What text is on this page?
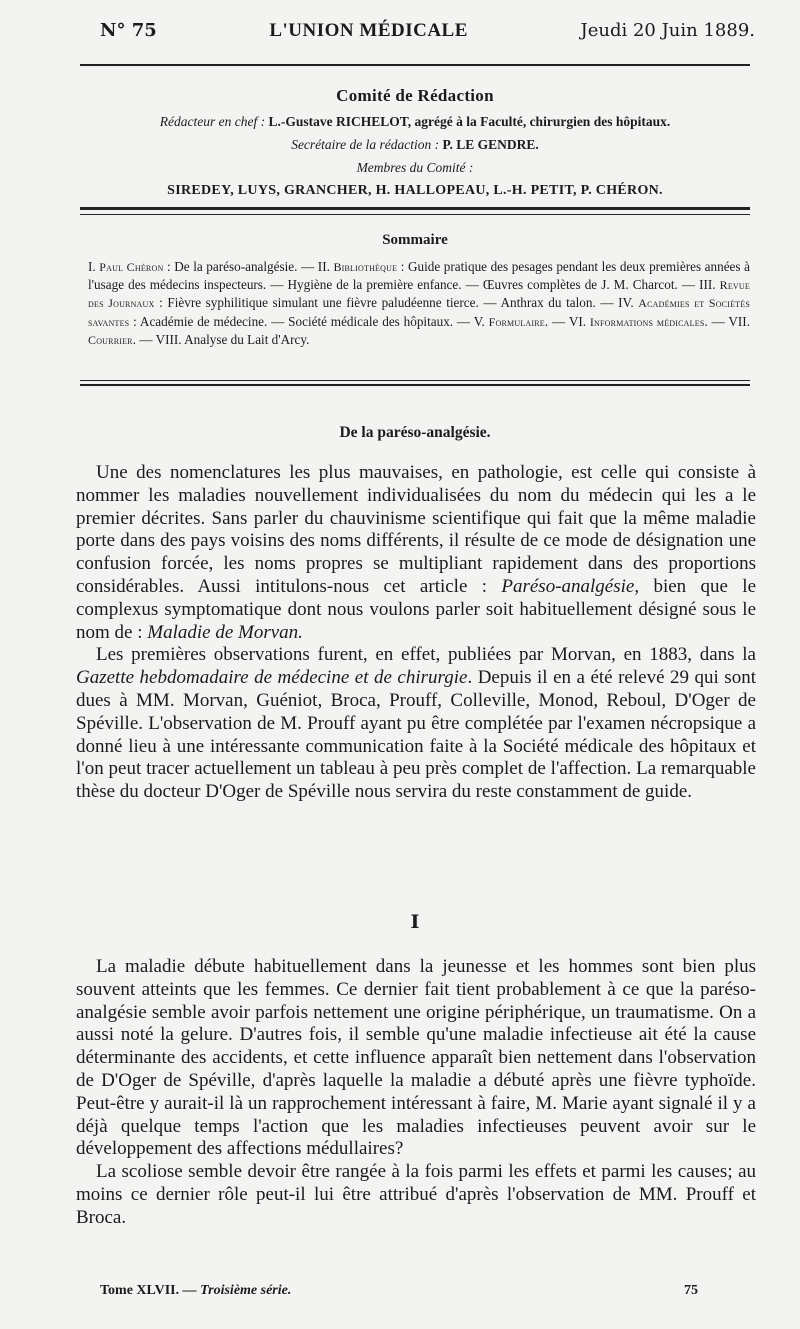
N° 75	L'UNION MÉDICALE	Jeudi 20 Juin 1889.
Comité de Rédaction
Rédacteur en chef : L.-Gustave RICHELOT, agrégé à la Faculté, chirurgien des hôpitaux.
Secrétaire de la rédaction : P. LE GENDRE.
Membres du Comité :
SIREDEY, LUYS, GRANCHER, H. HALLOPEAU, L.-H. PETIT, P. CHÉRON.
Sommaire
I. Paul Chéron : De la paréso-analgésie. — II. Bibliothèque : Guide pratique des pesages pendant les deux premières années à l'usage des médecins inspecteurs. — Hygiène de la première enfance. — Œuvres complètes de J. M. Charcot. — III. Revue des Journaux : Fièvre syphilitique simulant une fièvre paludéenne tierce. — Anthrax du talon. — IV. Académies et Sociétés savantes : Académie de médecine. — Société médicale des hôpitaux. — V. Formulaire. — VI. Informations médicales. — VII. Courrier. — VIII. Analyse du Lait d'Arcy.
De la paréso-analgésie.

Une des nomenclatures les plus mauvaises, en pathologie, est celle qui consiste à nommer les maladies nouvellement individualisées du nom du médecin qui les a le premier décrites. Sans parler du chauvinisme scientifique qui fait que la même maladie porte dans des pays voisins des noms différents, il résulte de ce mode de désignation une confusion forcée, les noms propres se multipliant rapidement dans des proportions considérables. Aussi intitulons-nous cet article : Paréso-analgésie, bien que le complexus symptomatique dont nous voulons parler soit habituellement désigné sous le nom de : Maladie de Morvan.

Les premières observations furent, en effet, publiées par Morvan, en 1883, dans la Gazette hebdomadaire de médecine et de chirurgie. Depuis il en a été relevé 29 qui sont dues à MM. Morvan, Guéniot, Broca, Prouff, Colleville, Monod, Reboul, D'Oger de Spéville. L'observation de M. Prouff ayant pu être complétée par l'examen nécropsique a donné lieu à une intéressante communication faite à la Société médicale des hôpitaux et l'on peut tracer actuellement un tableau à peu près complet de l'affection. La remarquable thèse du docteur D'Oger de Spéville nous servira du reste constamment de guide.

I

La maladie débute habituellement dans la jeunesse et les hommes sont bien plus souvent atteints que les femmes. Ce dernier fait tient probablement à ce que la paréso-analgésie semble avoir parfois nettement une origine périphérique, un traumatisme. On a aussi noté la gelure. D'autres fois, il semble qu'une maladie infectieuse ait été la cause déterminante des accidents, et cette influence apparaît bien nettement dans l'observation de D'Oger de Spéville, d'après laquelle la maladie a débuté après une fièvre typhoïde. Peut-être y aurait-il là un rapprochement intéressant à faire, M. Marie ayant signalé il y a déjà quelque temps l'action que les maladies infectieuses peuvent avoir sur le développement des affections médullaires?

La scoliose semble devoir être rangée à la fois parmi les effets et parmi les causes; au moins ce dernier rôle peut-il lui être attribué d'après l'observation de MM. Prouff et Broca.

Tome XLVII. — Troisième série.	75
